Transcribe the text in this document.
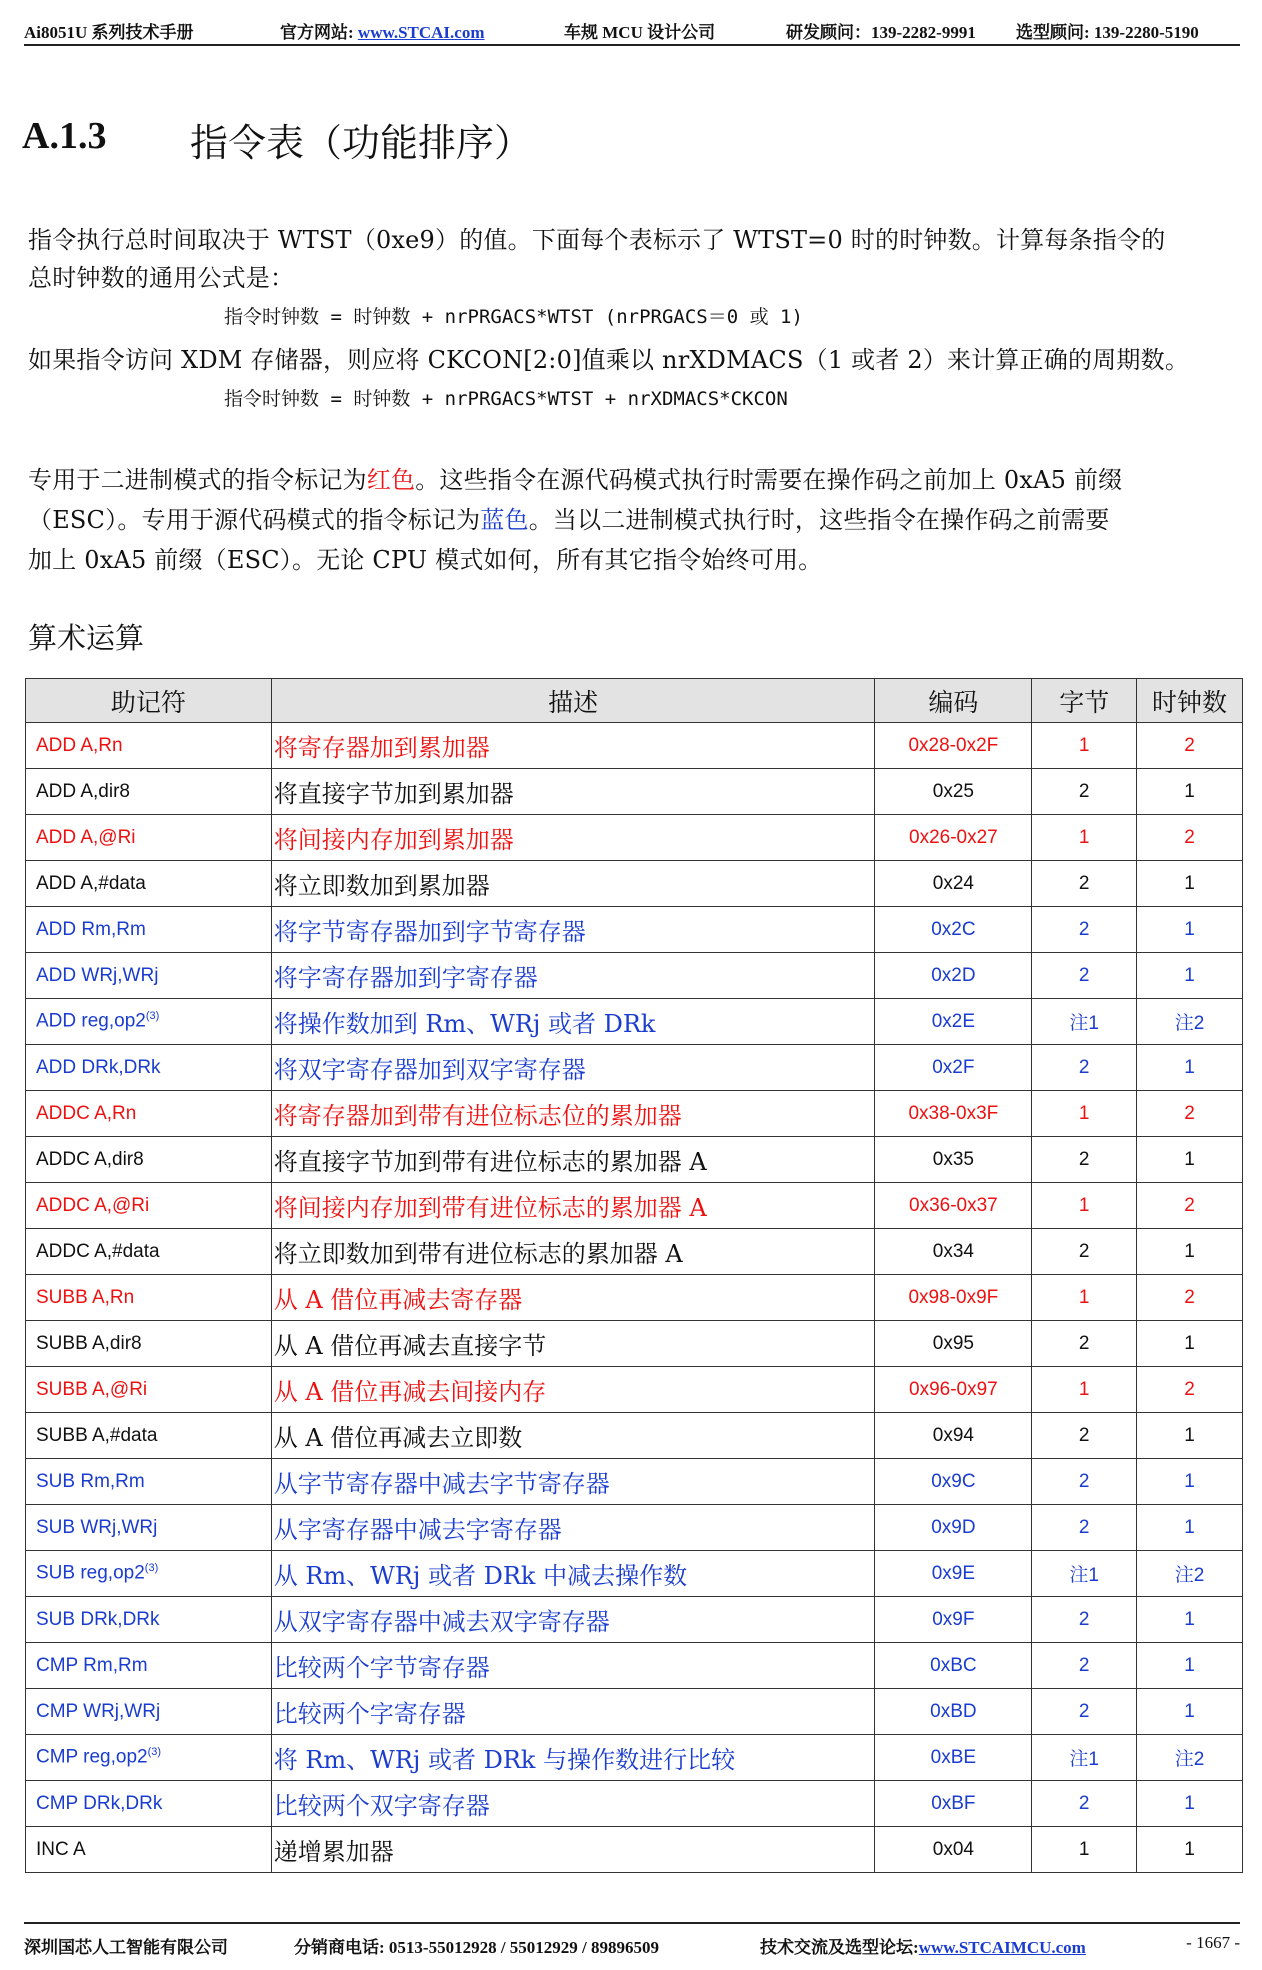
Ai8051U 系列技术手册	官方网站: www.STCAI.com	车规 MCU 设计公司	研发顾问：139-2282-9991 选型顾问: 139-2280-5190
A.1.3 指令表（功能排序）
指令执行总时间取决于 WTST（0xe9）的值。下面每个表标示了 WTST=0 时的时钟数。计算每条指令的
总时钟数的通用公式是：
指令时钟数 = 时钟数 + nrPRGACS*WTST (nrPRGACS＝0 或 1)
如果指令访问 XDM 存储器，则应将 CKCON[2:0]值乘以 nrXDMACS（1 或者 2）来计算正确的周期数。
指令时钟数 = 时钟数 + nrPRGACS*WTST + nrXDMACS*CKCON
专用于二进制模式的指令标记为红色。这些指令在源代码模式执行时需要在操作码之前加上 0xA5 前缀
（ESC）。专用于源代码模式的指令标记为蓝色。当以二进制模式执行时，这些指令在操作码之前需要
加上 0xA5 前缀（ESC）。无论 CPU 模式如何，所有其它指令始终可用。
算术运算
助记符	描述	编码	字节	时钟数
ADD A,Rn	将寄存器加到累加器	0x28-0x2F	1	2
ADD A,dir8	将直接字节加到累加器	0x25	2	1
ADD A,@Ri	将间接内存加到累加器	0x26-0x27	1	2
ADD A,#data	将立即数加到累加器	0x24	2	1
ADD Rm,Rm	将字节寄存器加到字节寄存器	0x2C	2	1
ADD WRj,WRj	将字寄存器加到字寄存器	0x2D	2	1
ADD reg,op2$^{(3)}$	将操作数加到 Rm、WRj 或者 DRk	0x2E	注1	注2
ADD DRk,DRk	将双字寄存器加到双字寄存器	0x2F	2	1
ADDC A,Rn	将寄存器加到带有进位标志位的累加器	0x38-0x3F	1	2
ADDC A,dir8	将直接字节加到带有进位标志的累加器 A	0x35	2	1
ADDC A,@Ri	将间接内存加到带有进位标志的累加器 A	0x36-0x37	1	2
ADDC A,#data	将立即数加到带有进位标志的累加器 A	0x34	2	1
SUBB A,Rn	从 A 借位再减去寄存器	0x98-0x9F	1	2
SUBB A,dir8	从 A 借位再减去直接字节	0x95	2	1
SUBB A,@Ri	从 A 借位再减去间接内存	0x96-0x97	1	2
SUBB A,#data	从 A 借位再减去立即数	0x94	2	1
SUB Rm,Rm	从字节寄存器中减去字节寄存器	0x9C	2	1
SUB WRj,WRj	从字寄存器中减去字寄存器	0x9D	2	1
SUB reg,op2$^{(3)}$	从 Rm、WRj 或者 DRk 中减去操作数	0x9E	注1	注2
SUB DRk,DRk	从双字寄存器中减去双字寄存器	0x9F	2	1
CMP Rm,Rm	比较两个字节寄存器	0xBC	2	1
CMP WRj,WRj	比较两个字寄存器	0xBD	2	1
CMP reg,op2$^{(3)}$	将 Rm、WRj 或者 DRk 与操作数进行比较	0xBE	注1	注2
CMP DRk,DRk	比较两个双字寄存器	0xBF	2	1
INC A	递增累加器	0x04	1	1
深圳国芯人工智能有限公司	分销商电话: 0513-55012928 / 55012929 / 89896509	技术交流及选型论坛:www.STCAIMCU.com	- 1667 -
